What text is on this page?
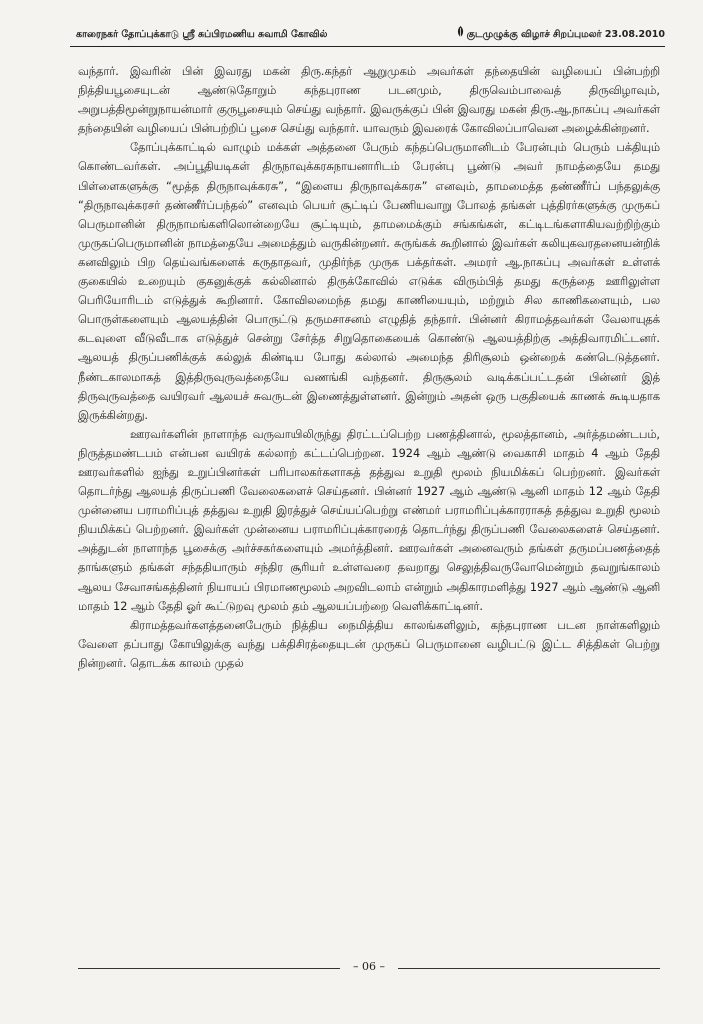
காரைநகர் தோப்புக்காடு ஸ்ரீ சுப்பிரமணிய சுவாமி கோவில்	குடமுழுக்கு விழாச் சிறப்புமலர் 23.08.2010

வந்தார். இவரின் பின் இவரது மகன் திரு.கந்தர் ஆறுமுகம் அவர்கள் தந்தையின் வழியைப் பின்பற்றி நித்தியபூசையுடன் ஆண்டுதோறும் கந்தபுராண படனமும், திருவெம்பாவைத் திருவிழாவும், அறுபத்திமூன்றுநாயன்மார் குருபூசையும் செய்து வந்தார். இவருக்குப் பின் இவரது மகன் திரு.ஆ.நாகப்பு அவர்கள் தந்தையின் வழியைப் பின்பற்றிப் பூசை செய்து வந்தார். யாவரும் இவரைக் கோவிலப்பாவென அழைக்கின்றனர்.

தோப்புக்காட்டில் வாழும் மக்கள் அத்தனை பேரும் கந்தப்பெருமானிடம் பேரன்பும் பெரும் பக்தியும் கொண்டவர்கள். அப்பூதியடிகள் திருநாவுக்கரசுநாயனாரிடம் பேரன்பு பூண்டு அவர் நாமத்தையே தமது பிள்ளைகளுக்கு “மூத்த திருநாவுக்கரசு”, “இளைய திருநாவுக்கரசு” எனவும், தாமமைத்த தண்ணீர்ப் பந்தலுக்கு “திருநாவுக்கரசர் தண்ணீர்ப்பந்தல்” எனவும் பெயர் சூட்டிப் பேணியவாறு போலத் தங்கள் புத்திரர்களுக்கு முருகப் பெருமானின் திருநாமங்களிலொன்றையே சூட்டியும், தாமமைக்கும் சங்கங்கள், கட்டிடங்களாகியவற்றிற்கும் முருகப்பெருமானின் நாமத்தையே அமைத்தும் வருகின்றனர். சுருங்கக் கூறினால் இவர்கள் கலியுகவரதனையன்றிக் கனவிலும் பிற தெய்வங்களைக் கருதாதவர், முதிர்ந்த முருக பக்தர்கள். அமரர் ஆ.நாகப்பு அவர்கள் உள்ளக் குகையில் உறையும் குகனுக்குக் கல்லினால் திருக்கோவில் எடுக்க விரும்பித் தமது கருத்தை ஊரிலுள்ள பெரியோரிடம் எடுத்துக் கூறினார். கோவிலமைந்த தமது காணியையும், மற்றும் சில காணிகளையும், பல பொருள்களையும் ஆலயத்தின் பொருட்டு தருமசாசனம் எழுதித் தந்தார். பின்னர் கிராமத்தவர்கள் வேலாயுதக் கடவுளை வீடுவீடாக எடுத்துச் சென்று சேர்த்த சிறுதொகையைக் கொண்டு ஆலயத்திற்கு அத்திவாரமிட்டனர். ஆலயத் திருப்பணிக்குக் கல்லுக் கிண்டிய போது கல்லால் அமைந்த திரிசூலம் ஒன்றைக் கண்டெடுத்தனர். நீண்டகாலமாகத் இத்திருவுருவத்தையே வணங்கி வந்தனர். திருசூலம் வடிக்கப்பட்டதன் பின்னர் இத் திருவுருவத்தை வயிரவர் ஆலயச் சுவருடன் இணைத்துள்ளனர். இன்றும் அதன் ஒரு பகுதியைக் காணக் கூடியதாக இருக்கின்றது.

ஊரவர்களின் நாளாந்த வருவாயிலிருந்து திரட்டப்பெற்ற பணத்தினால், மூலத்தானம், அர்த்தமண்டபம், நிருத்தமண்டபம் என்பன வயிரக் கல்லாற் கட்டப்பெற்றன. 1924 ஆம் ஆண்டு வைகாசி மாதம் 4 ஆம் தேதி ஊரவர்களில் ஐந்து உறுப்பினர்கள் பரிபாலகர்களாகத் தத்துவ உறுதி மூலம் நியமிக்கப் பெற்றனர். இவர்கள் தொடர்ந்து ஆலயத் திருப்பணி வேலைகளைச் செய்தனர். பின்னர் 1927 ஆம் ஆண்டு ஆனி மாதம் 12 ஆம் தேதி முன்னைய பராமரிப்புத் தத்துவ உறுதி இரத்துச் செய்யப்பெற்று எண்மர் பராமரிப்புக்காரராகத் தத்துவ உறுதி மூலம் நியமிக்கப் பெற்றனர். இவர்கள் முன்னைய பராமரிப்புக்காரரைத் தொடர்ந்து திருப்பணி வேலைகளைச் செய்தனர். அத்துடன் நாளாந்த பூசைக்கு அர்ச்சகர்களையும் அமர்த்தினர். ஊரவர்கள் அனைவரும் தங்கள் தருமப்பணத்தைத் தாங்களும் தங்கள் சந்ததியாரும் சந்திர சூரியர் உள்ளவரை தவறாது செலுத்திவருவோமென்றும் தவறுங்காலம் ஆலய சேவாசங்கத்தினர் நியாயப் பிரமாணமூலம் அறவிடலாம் என்றும் அதிகாரமளித்து 1927 ஆம் ஆண்டு ஆனி மாதம் 12 ஆம் தேதி ஓர் கூட்டுறவு மூலம் தம் ஆலயப்பற்றை வெளிக்காட்டினர்.

கிராமத்தவர்களத்தனைபேரும் நித்திய நைமித்திய காலங்களிலும், கந்தபுராண படன நாள்களிலும் வேளை தப்பாது கோயிலுக்கு வந்து பக்திசிரத்தையுடன் முருகப் பெருமானை வழிபட்டு இட்ட சித்திகள் பெற்று நின்றனர். தொடக்க காலம் முதல்

– 06 –
